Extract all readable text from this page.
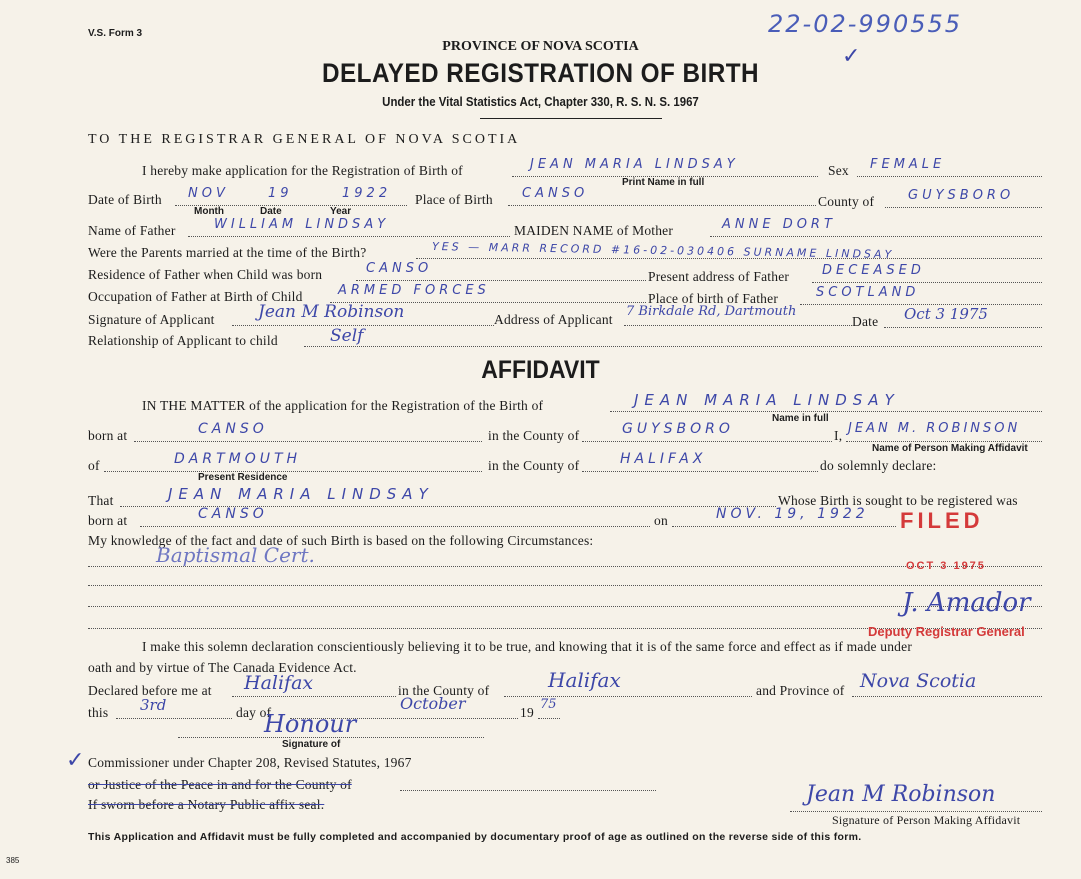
V.S. Form 3	22-02-990555
✓
PROVINCE OF NOVA SCOTIA
DELAYED REGISTRATION OF BIRTH
Under the Vital Statistics Act, Chapter 330, R. S. N. S. 1967
TO THE REGISTRAR GENERAL OF NOVA SCOTIA
I hereby make application for the Registration of Birth of	JEAN MARIA LINDSAY	Sex FEMALE
Print Name in full
Date of Birth NOV	19	1922
Month	Date	Year
Place of Birth CANSO
County of	GUYSBORO
Name of Father	WILLIAM LINDSAY	MAIDEN NAME of Mother	ANNE DORT
Were the Parents married at the time of the Birth?	YES — MARR RECORD #16-02-030406 SURNAME LINDSAY
Residence of Father when Child was born	CANSO
Present address of Father	DECEASED
Occupation of Father at Birth of Child	ARMED FORCES
Place of birth of Father	SCOTLAND
Signature of Applicant	Jean M Robinson	Address of Applicant
7 Birkdale Rd, Dartmouth
Date Oct 3 1975
Relationship of Applicant to child	Self
AFFIDAVIT
IN THE MATTER of the application for the Registration of the Birth of	JEAN MARIA LINDSAY
Name in full
born at	CANSO	in the County of	GUYSBORO	I, JEAN M. ROBINSON
Name of Person Making Affidavit
of	DARTMOUTH
Present Residence
in the County of	HALIFAX	do solemnly declare:
That	JEAN MARIA LINDSAY	Whose Birth is sought to be registered was
born at	CANSO	on	NOV. 19, 1922 FILED
My knowledge of the fact and date of such Birth is based on the following Circumstances:
Baptismal Cert.	OCT 3 1975
J. Amador
Deputy Registrar General
I make this solemn declaration conscientiously believing it to be true, and knowing that it is of the same force and effect as if made under
oath and by virtue of The Canada Evidence Act.
Declared before me at Halifax	in the County of	Halifax	and Province of Nova Scotia
this 3rd	day of	October	19
75
Honour
Signature of
✓ Commissioner under Chapter 208, Revised Statutes, 1967
or Justice of the Peace in and for the County of
If sworn before a Notary Public affix seal.	Jean M Robinson
Signature of Person Making Affidavit
This Application and Affidavit must be fully completed and accompanied by documentary proof of age as outlined on the reverse side of this form.
385
